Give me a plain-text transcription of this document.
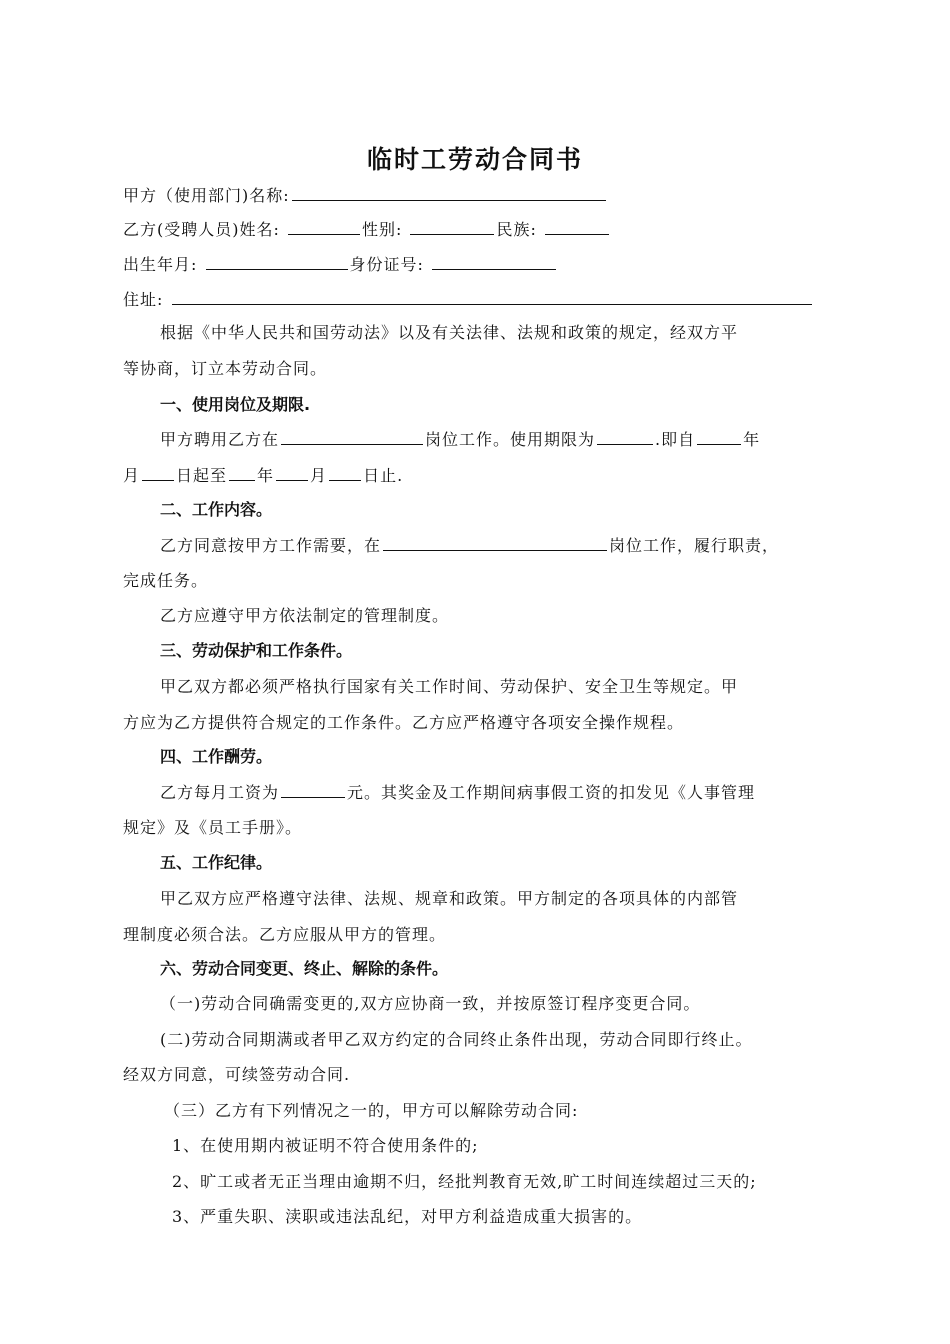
临时工劳动合同书
甲方（使用部门)名称:
乙方(受聘人员)姓名:	性别:	民族:
出生年月:	身份证号:
住址:
根据《中华人民共和国劳动法》以及有关法律、法规和政策的规定，经双方平
等协商，订立本劳动合同。
一、使用岗位及期限.
甲方聘用乙方在	岗位工作。使用期限为	.即自	年
月 日起至 年 月 日止.
二、工作内容。
乙方同意按甲方工作需要，在	岗位工作，履行职责，
完成任务。
乙方应遵守甲方依法制定的管理制度。
三、劳动保护和工作条件。
甲乙双方都必须严格执行国家有关工作时间、劳动保护、安全卫生等规定。甲
方应为乙方提供符合规定的工作条件。乙方应严格遵守各项安全操作规程。
四、工作酬劳。
乙方每月工资为	元。其奖金及工作期间病事假工资的扣发见《人事管理
规定》及《员工手册》。
五、工作纪律。
甲乙双方应严格遵守法律、法规、规章和政策。甲方制定的各项具体的内部管
理制度必须合法。乙方应服从甲方的管理。
六、劳动合同变更、终止、解除的条件。
（一)劳动合同确需变更的,双方应协商一致，并按原签订程序变更合同。
(二)劳动合同期满或者甲乙双方约定的合同终止条件出现，劳动合同即行终止。
经双方同意，可续签劳动合同.
（三）乙方有下列情况之一的，甲方可以解除劳动合同:
1、在使用期内被证明不符合使用条件的;
2、旷工或者无正当理由逾期不归，经批判教育无效,旷工时间连续超过三天的;
3、严重失职、渎职或违法乱纪，对甲方利益造成重大损害的。
